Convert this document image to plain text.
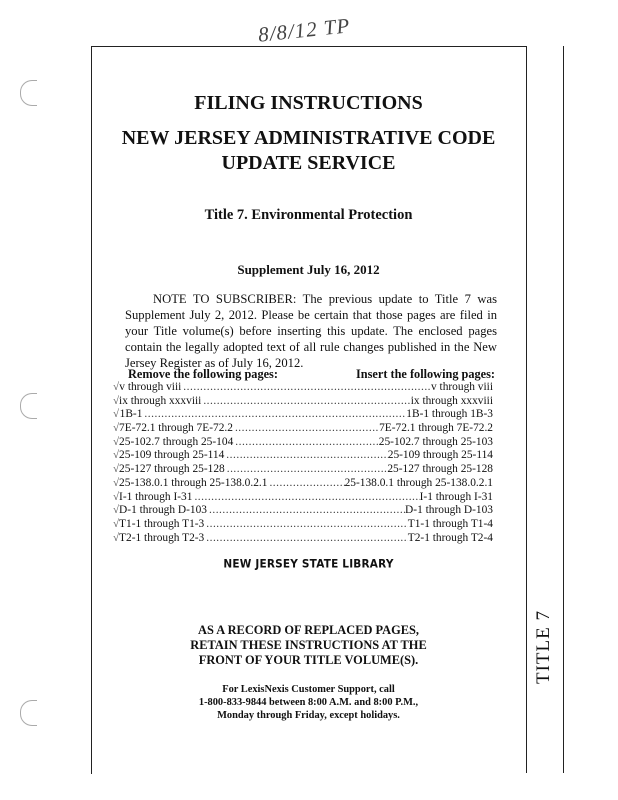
8/8/12 TP
TITLE 7
FILING INSTRUCTIONS
NEW JERSEY ADMINISTRATIVE CODE
UPDATE SERVICE
Title 7. Environmental Protection
Supplement July 16, 2012
NOTE TO SUBSCRIBER: The previous update to Title 7 was Supplement July 2, 2012. Please be certain that those pages are filed in your Title volume(s) before inserting this update. The enclosed pages contain the legally adopted text of all rule changes published in the New Jersey Register as of July 16, 2012.
Remove the following pages:	Insert the following pages:
√ v through viii .....	v through viii
√ ix through xxxviii .....	ix through xxxviii
√ 1B-1 .....	1B-1 through 1B-3
√ 7E-72.1 through 7E-72.2 .....	7E-72.1 through 7E-72.2
√ 25-102.7 through 25-104 .....	25-102.7 through 25-103
√ 25-109 through 25-114 .....	25-109 through 25-114
√ 25-127 through 25-128 .....	25-127 through 25-128
√ 25-138.0.1 through 25-138.0.2.1 .....	25-138.0.1 through 25-138.0.2.1
√ I-1 through I-31 .....	I-1 through I-31
√ D-1 through D-103 .....	D-1 through D-103
√ T1-1 through T1-3 .....	T1-1 through T1-4
√ T2-1 through T2-3 .....	T2-1 through T2-4
NEW JERSEY STATE LIBRARY
AS A RECORD OF REPLACED PAGES,
RETAIN THESE INSTRUCTIONS AT THE
FRONT OF YOUR TITLE VOLUME(S).
For LexisNexis Customer Support, call
1-800-833-9844 between 8:00 A.M. and 8:00 P.M.,
Monday through Friday, except holidays.
